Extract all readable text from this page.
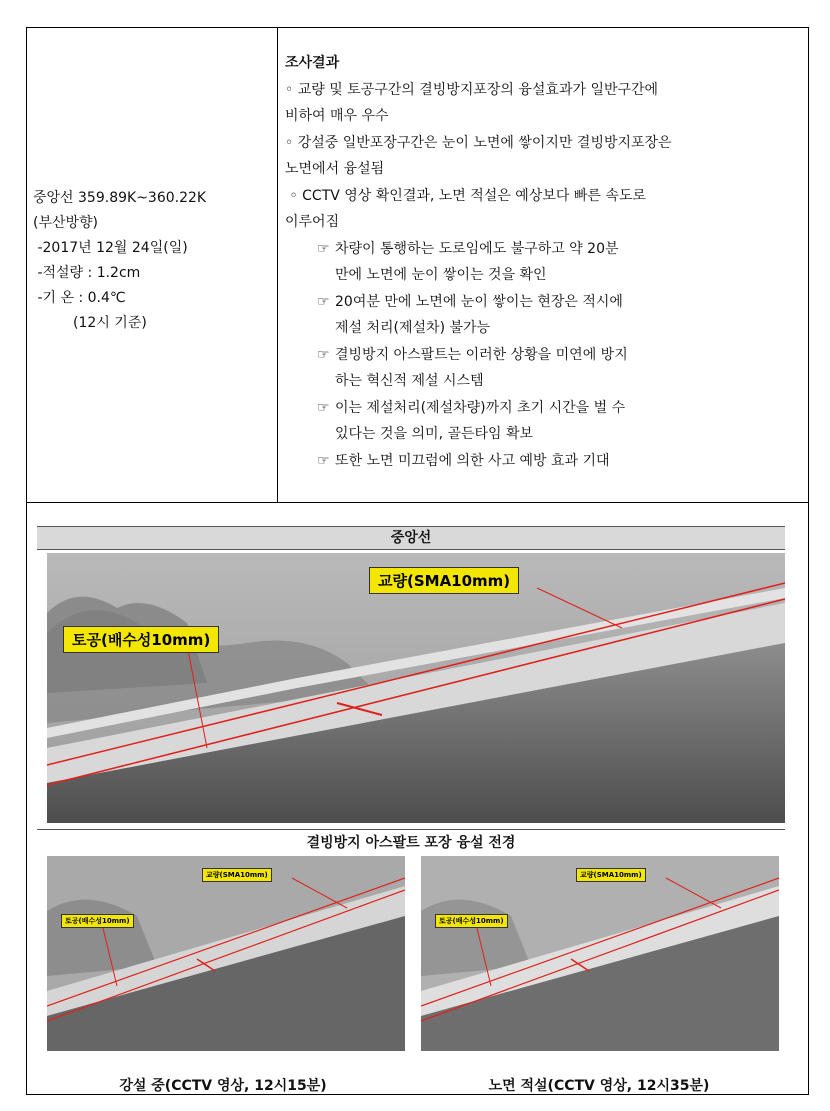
중앙선 359.89K~360.22K
(부산방향)
-2017년 12월 24일(일)
-적설량 : 1.2cm
-기 온 : 0.4℃
(12시 기준)
조사결과
◦ 교량 및 토공구간의 결빙방지포장의 융설효과가 일반구간에
비하여 매우 우수
◦ 강설중 일반포장구간은 눈이 노면에 쌓이지만 결빙방지포장은
노면에서 융설됨
◦ CCTV 영상 확인결과, 노면 적설은 예상보다 빠른 속도로
이루어짐
☞ 차량이 통행하는 도로임에도 불구하고 약 20분
만에 노면에 눈이 쌓이는 것을 확인
☞ 20여분 만에 노면에 눈이 쌓이는 현장은 적시에
제설 처리(제설차) 불가능
☞ 결빙방지 아스팔트는 이러한 상황을 미연에 방지
하는 혁신적 제설 시스템
☞ 이는 제설처리(제설차량)까지 초기 시간을 벌 수
있다는 것을 의미, 골든타임 확보
☞ 또한 노면 미끄럼에 의한 사고 예방 효과 기대
중앙선
교량(SMA10mm)
토공(배수성10mm)
결빙방지 아스팔트 포장 융설 전경
교량(SMA10mm)
토공(배수성10mm)
강설 중(CCTV 영상, 12시15분)
교량(SMA10mm)
토공(배수성10mm)
노면 적설(CCTV 영상, 12시35분)
